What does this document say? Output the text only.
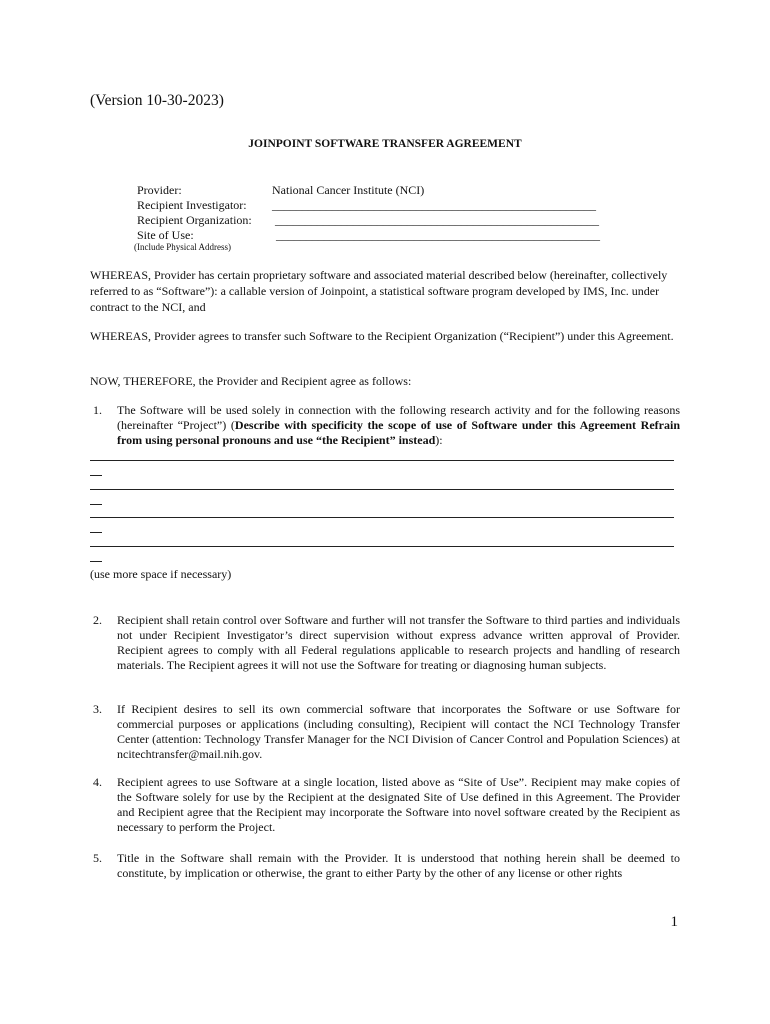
(Version 10-30-2023)
JOINPOINT SOFTWARE TRANSFER AGREEMENT
Provider:	National Cancer Institute (NCI)
Recipient Investigator: ______________________________________________________
Recipient Organization: ______________________________________________________
Site of Use:	______________________________________________________
(Include Physical Address)
WHEREAS, Provider has certain proprietary software and associated material described below (hereinafter, collectively referred to as “Software”): a callable version of Joinpoint, a statistical software program developed by IMS, Inc. under contract to the NCI, and
WHEREAS, Provider agrees to transfer such Software to the Recipient Organization (“Recipient”) under this Agreement.
NOW, THEREFORE, the Provider and Recipient agree as follows:
1. The Software will be used solely in connection with the following research activity and for the following reasons (hereinafter “Project”) (Describe with specificity the scope of use of Software under this Agreement Refrain from using personal pronouns and use “the Recipient” instead):
(use more space if necessary)
2. Recipient shall retain control over Software and further will not transfer the Software to third parties and individuals not under Recipient Investigator’s direct supervision without express advance written approval of Provider. Recipient agrees to comply with all Federal regulations applicable to research projects and handling of research materials. The Recipient agrees it will not use the Software for treating or diagnosing human subjects.
3. If Recipient desires to sell its own commercial software that incorporates the Software or use Software for commercial purposes or applications (including consulting), Recipient will contact the NCI Technology Transfer Center (attention: Technology Transfer Manager for the NCI Division of Cancer Control and Population Sciences) at ncitechtransfer@mail.nih.gov.
4. Recipient agrees to use Software at a single location, listed above as “Site of Use”. Recipient may make copies of the Software solely for use by the Recipient at the designated Site of Use defined in this Agreement. The Provider and Recipient agree that the Recipient may incorporate the Software into novel software created by the Recipient as necessary to perform the Project.
5. Title in the Software shall remain with the Provider. It is understood that nothing herein shall be deemed to constitute, by implication or otherwise, the grant to either Party by the other of any license or other rights
1
